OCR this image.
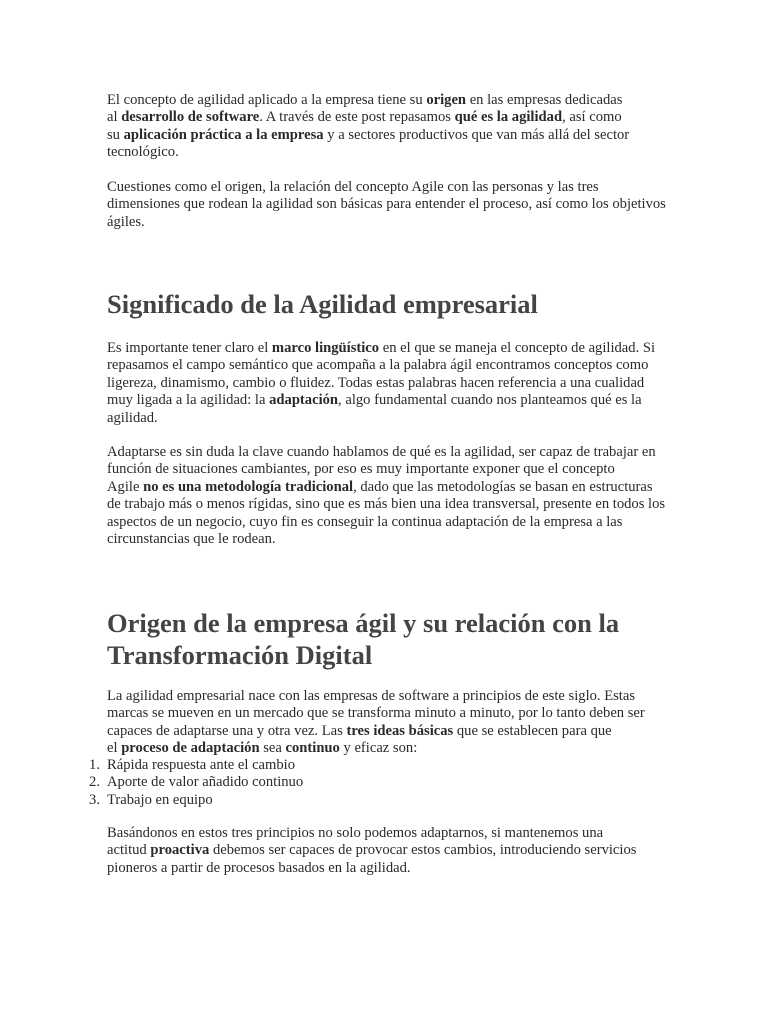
El concepto de agilidad aplicado a la empresa tiene su origen en las empresas dedicadas
al desarrollo de software. A través de este post repasamos qué es la agilidad, así como
su aplicación práctica a la empresa y a sectores productivos que van más allá del sector
tecnológico.

Cuestiones como el origen, la relación del concepto Agile con las personas y las tres
dimensiones que rodean la agilidad son básicas para entender el proceso, así como los objetivos
ágiles.

Significado de la Agilidad empresarial

Es importante tener claro el marco lingüístico en el que se maneja el concepto de agilidad. Si
repasamos el campo semántico que acompaña a la palabra ágil encontramos conceptos como
ligereza, dinamismo, cambio o fluidez. Todas estas palabras hacen referencia a una cualidad
muy ligada a la agilidad: la adaptación, algo fundamental cuando nos planteamos qué es la
agilidad.

Adaptarse es sin duda la clave cuando hablamos de qué es la agilidad, ser capaz de trabajar en
función de situaciones cambiantes, por eso es muy importante exponer que el concepto
Agile no es una metodología tradicional, dado que las metodologías se basan en estructuras
de trabajo más o menos rígidas, sino que es más bien una idea transversal, presente en todos los
aspectos de un negocio, cuyo fin es conseguir la continua adaptación de la empresa a las
circunstancias que le rodean.

Origen de la empresa ágil y su relación con la
Transformación Digital

La agilidad empresarial nace con las empresas de software a principios de este siglo. Estas
marcas se mueven en un mercado que se transforma minuto a minuto, por lo tanto deben ser
capaces de adaptarse una y otra vez. Las tres ideas básicas que se establecen para que
el proceso de adaptación sea continuo y eficaz son:

1. Rápida respuesta ante el cambio
2. Aporte de valor añadido continuo
3. Trabajo en equipo

Basándonos en estos tres principios no solo podemos adaptarnos, si mantenemos una
actitud proactiva debemos ser capaces de provocar estos cambios, introduciendo servicios
pioneros a partir de procesos basados en la agilidad.
